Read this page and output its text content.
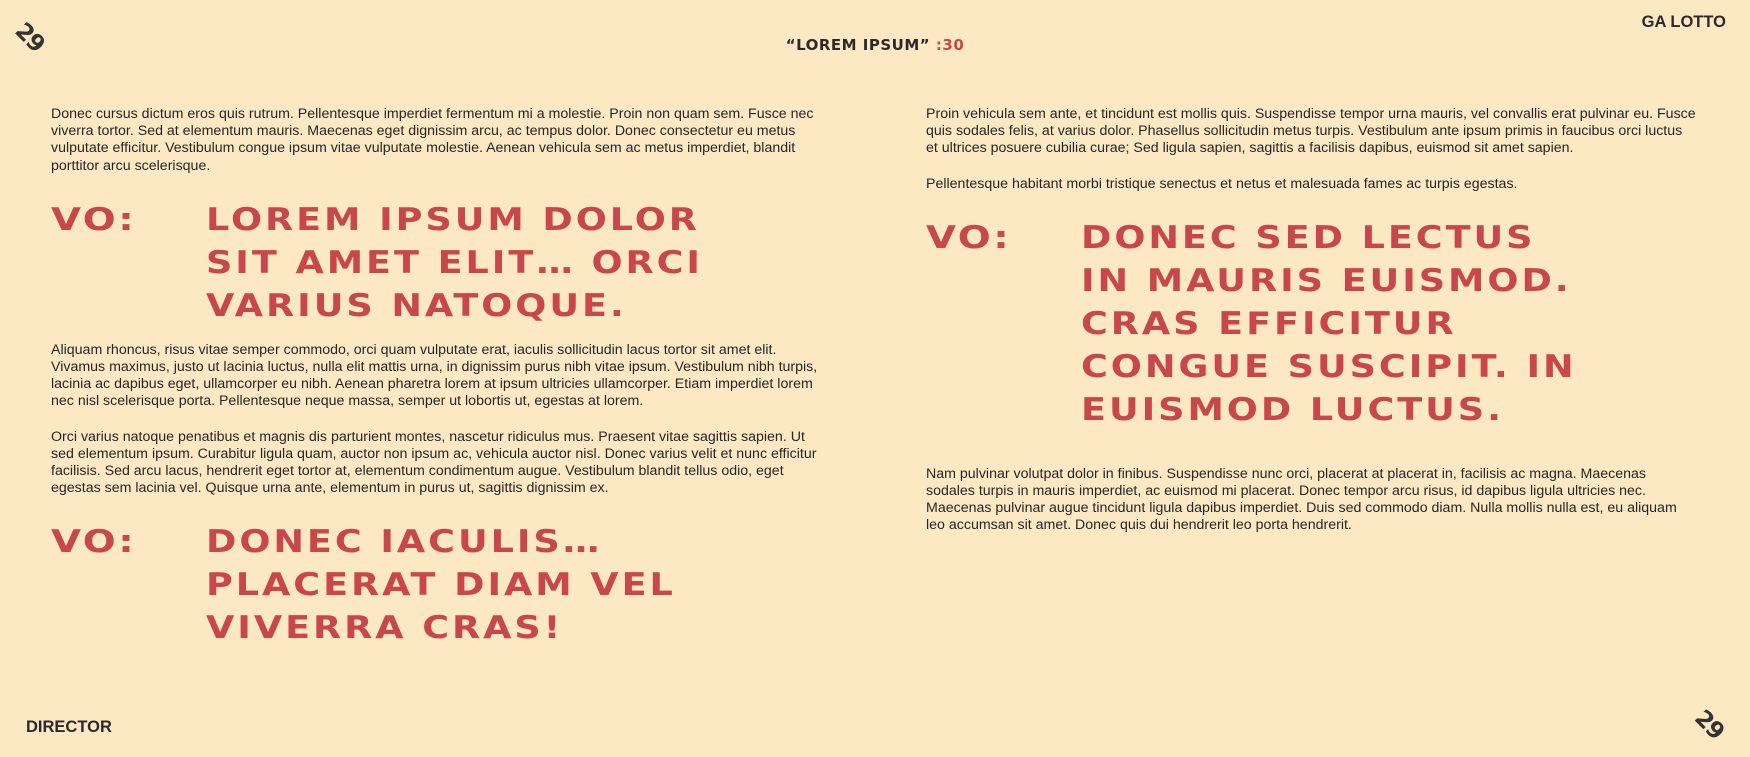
29	“LOREM IPSUM” :30
GA LOTTO

Donec cursus dictum eros quis rutrum. Pellentesque imperdiet fermentum mi a molestie. Proin non quam sem. Fusce nec viverra tortor. Sed at elementum mauris. Maecenas eget dignissim arcu, ac tempus dolor. Donec consectetur eu metus vulputate efficitur. Vestibulum congue ipsum vitae vulputate molestie. Aenean vehicula sem ac metus imperdiet, blandit porttitor arcu scelerisque.

VO: LOREM IPSUM DOLOR
SIT AMET ELIT… ORCI
VARIUS NATOQUE.

Aliquam rhoncus, risus vitae semper commodo, orci quam vulputate erat, iaculis sollicitudin lacus tortor sit amet elit. Vivamus maximus, justo ut lacinia luctus, nulla elit mattis urna, in dignissim purus nibh vitae ipsum. Vestibulum nibh turpis, lacinia ac dapibus eget, ullamcorper eu nibh. Aenean pharetra lorem at ipsum ultricies ullamcorper. Etiam imperdiet lorem nec nisl scelerisque porta. Pellentesque neque massa, semper ut lobortis ut, egestas at lorem.

Orci varius natoque penatibus et magnis dis parturient montes, nascetur ridiculus mus. Praesent vitae sagittis sapien. Ut sed elementum ipsum. Curabitur ligula quam, auctor non ipsum ac, vehicula auctor nisl. Donec varius velit et nunc efficitur facilisis. Sed arcu lacus, hendrerit eget tortor at, elementum condimentum augue. Vestibulum blandit tellus odio, eget egestas sem lacinia vel. Quisque urna ante, elementum in purus ut, sagittis dignissim ex.

VO: DONEC IACULIS…
PLACERAT DIAM VEL
VIVERRA CRAS!

Proin vehicula sem ante, et tincidunt est mollis quis. Suspendisse tempor urna mauris, vel convallis erat pulvinar eu. Fusce quis sodales felis, at varius dolor. Phasellus sollicitudin metus turpis. Vestibulum ante ipsum primis in faucibus orci luctus et ultrices posuere cubilia curae; Sed ligula sapien, sagittis a facilisis dapibus, euismod sit amet sapien.

Pellentesque habitant morbi tristique senectus et netus et malesuada fames ac turpis egestas.

VO: DONEC SED LECTUS
IN MAURIS EUISMOD.
CRAS EFFICITUR
CONGUE SUSCIPIT. IN
EUISMOD LUCTUS.

Nam pulvinar volutpat dolor in finibus. Suspendisse nunc orci, placerat at placerat in, facilisis ac magna. Maecenas sodales turpis in mauris imperdiet, ac euismod mi placerat. Donec tempor arcu risus, id dapibus ligula ultricies nec. Maecenas pulvinar augue tincidunt ligula dapibus imperdiet. Duis sed commodo diam. Nulla mollis nulla est, eu aliquam leo accumsan sit amet. Donec quis dui hendrerit leo porta hendrerit.

DIRECTOR	29
